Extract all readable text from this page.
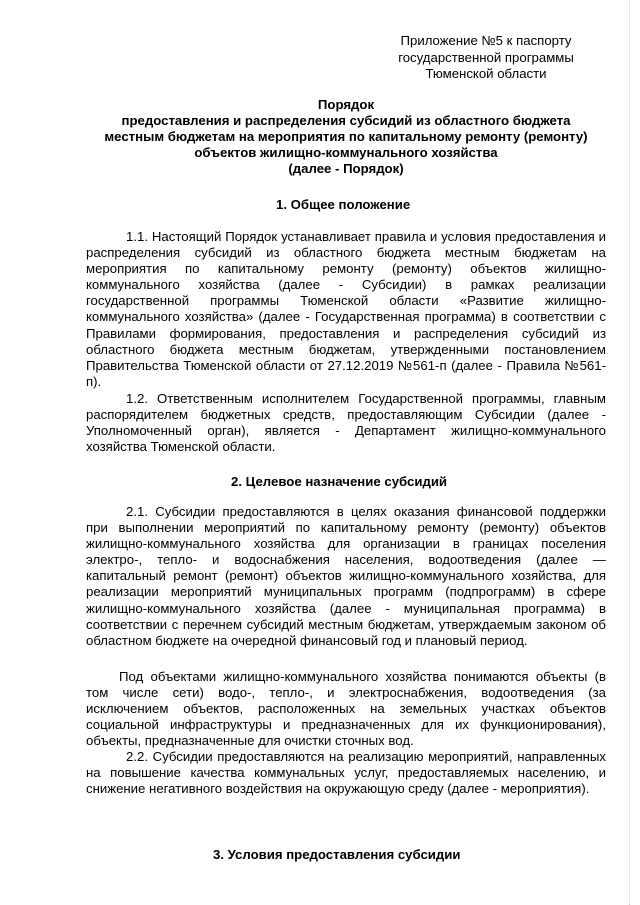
Приложение №5 к паспорту
государственной программы
Тюменской области
Порядок
предоставления и распределения субсидий из областного бюджета
местным бюджетам на мероприятия по капитальному ремонту (ремонту)
объектов жилищно-коммунального хозяйства
(далее - Порядок)
1. Общее положение

1.1. Настоящий Порядок устанавливает правила и условия предоставления и распределения субсидий из областного бюджета местным бюджетам на мероприятия по капитальному ремонту (ремонту) объектов жилищно-коммунального хозяйства (далее - Субсидии) в рамках реализации государственной программы Тюменской области «Развитие жилищно-коммунального хозяйства» (далее - Государственная программа) в соответствии с Правилами формирования, предоставления и распределения субсидий из областного бюджета местным бюджетам, утвержденными постановлением Правительства Тюменской области от 27.12.2019 №561-п (далее - Правила №561-п).

1.2. Ответственным исполнителем Государственной программы, главным распорядителем бюджетных средств, предоставляющим Субсидии (далее - Уполномоченный орган), является - Департамент жилищно-коммунального хозяйства Тюменской области.

2. Целевое назначение субсидий

2.1. Субсидии предоставляются в целях оказания финансовой поддержки при выполнении мероприятий по капитальному ремонту (ремонту) объектов жилищно-коммунального хозяйства для организации в границах поселения электро-, тепло- и водоснабжения населения, водоотведения (далее — капитальный ремонт (ремонт) объектов жилищно-коммунального хозяйства, для реализации мероприятий муниципальных программ (подпрограмм) в сфере жилищно-коммунального хозяйства (далее - муниципальная программа) в соответствии с перечнем субсидий местным бюджетам, утверждаемым законом об областном бюджете на очередной финансовый год и плановый период.

Под объектами жилищно-коммунального хозяйства понимаются объекты (в том числе сети) водо-, тепло-, и электроснабжения, водоотведения (за исключением объектов, расположенных на земельных участках объектов социальной инфраструктуры и предназначенных для их функционирования), объекты, предназначенные для очистки сточных вод.

2.2. Субсидии предоставляются на реализацию мероприятий, направленных на повышение качества коммунальных услуг, предоставляемых населению, и снижение негативного воздействия на окружающую среду (далее - мероприятия).

3. Условия предоставления субсидии
